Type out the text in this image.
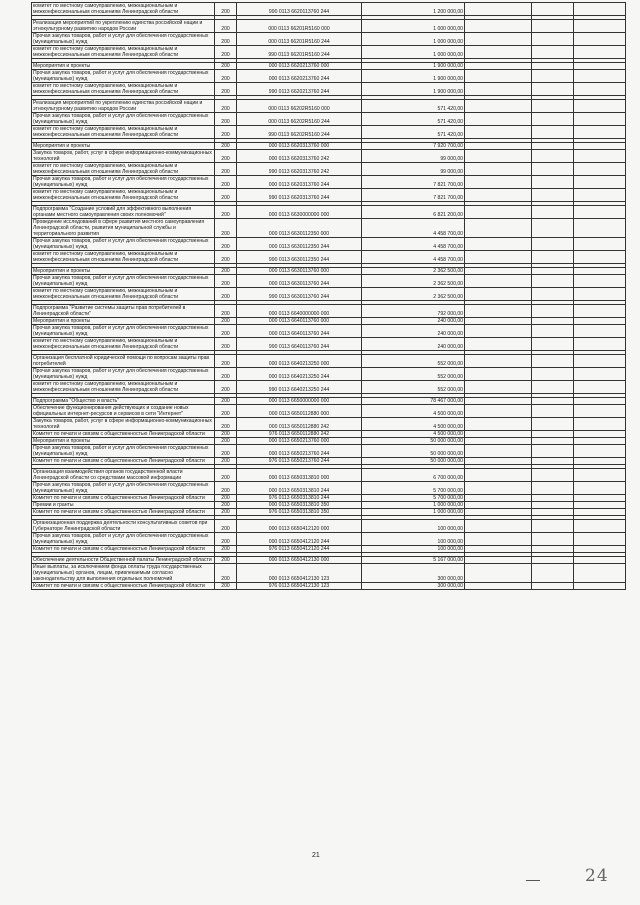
комитет по местному самоуправлению, межнациональным и межконфессиональным отношениям Ленинградской области	200	990 0113 6620113760 244	1 200 000,00			

Реализация мероприятий по укреплению единства российской нации и этнокультурному развитию народов России	200	000 0113 66201R5160 000	1 000 000,00			
Прочая закупка товаров, работ и услуг для обеспечения государственных (муниципальных) нужд	200	000 0113 66201R5160 244	1 000 000,00			
комитет по местному самоуправлению, межнациональным и межконфессиональным отношениям Ленинградской области	200	990 0113 66201R5160 244	1 000 000,00			

Мероприятия и проекты	200	000 0113 6620213760 000	1 900 000,00			
Прочая закупка товаров, работ и услуг для обеспечения государственных (муниципальных) нужд	200	000 0113 6620213760 244	1 900 000,00			
комитет по местному самоуправлению, межнациональным и межконфессиональным отношениям Ленинградской области	200	990 0113 6620213760 244	1 900 000,00			

Реализация мероприятий по укреплению единства российской нации и этнокультурному развитию народов России	200	000 0113 66202R5160 000	571 420,00			
Прочая закупка товаров, работ и услуг для обеспечения государственных (муниципальных) нужд	200	000 0113 66202R5160 244	571 420,00			
комитет по местному самоуправлению, межнациональным и межконфессиональным отношениям Ленинградской области	200	990 0113 66202R5160 244	571 420,00			

Мероприятия и проекты	200	000 0113 6620313760 000	7 920 700,00			
Закупка товаров, работ, услуг в сфере информационно-коммуникационных технологий	200	000 0113 6620313760 242	99 000,00			
комитет по местному самоуправлению, межнациональным и межконфессиональным отношениям Ленинградской области	200	990 0113 6620313760 242	99 000,00			
Прочая закупка товаров, работ и услуг для обеспечения государственных (муниципальных) нужд	200	000 0113 6620313760 244	7 821 700,00			
комитет по местному самоуправлению, межнациональным и межконфессиональным отношениям Ленинградской области	200	990 0113 6620313760 244	7 821 700,00			

Подпрограмма "Создание условий для эффективного выполнения органами местного самоуправления своих полномочий"	200	000 0113 6630000000 000	6 821 200,00			
Проведение исследований в сфере развития местного самоуправления Ленинградской области, развития муниципальной службы и территориального развития	200	000 0113 6630112350 000	4 458 700,00			
Прочая закупка товаров, работ и услуг для обеспечения государственных (муниципальных) нужд	200	000 0113 6630112350 244	4 458 700,00			
комитет по местному самоуправлению, межнациональным и межконфессиональным отношениям Ленинградской области	200	990 0113 6630112350 244	4 458 700,00			

Мероприятия и проекты	200	000 0113 6630113760 000	2 362 500,00			
Прочая закупка товаров, работ и услуг для обеспечения государственных (муниципальных) нужд	200	000 0113 6630113760 244	2 362 500,00			
комитет по местному самоуправлению, межнациональным и межконфессиональным отношениям Ленинградской области	200	990 0113 6630113760 244	2 362 500,00			

Подпрограмма "Развитие системы защиты прав потребителей в Ленинградской области"	200	000 0113 6640000000 000	792 000,00			
Мероприятия и проекты	200	000 0113 6640113760 000	240 000,00			
Прочая закупка товаров, работ и услуг для обеспечения государственных (муниципальных) нужд	200	000 0113 6640113760 244	240 000,00			
комитет по местному самоуправлению, межнациональным и межконфессиональным отношениям Ленинградской области	200	990 0113 6640113760 244	240 000,00			

Организация бесплатной юридической помощи по вопросам защиты прав потребителей	200	000 0113 6640213250 000	552 000,00			
Прочая закупка товаров, работ и услуг для обеспечения государственных (муниципальных) нужд	200	000 0113 6640213250 244	552 000,00			
комитет по местному самоуправлению, межнациональным и межконфессиональным отношениям Ленинградской области	200	990 0113 6640213250 244	552 000,00			

Подпрограмма "Общество и власть"	200	000 0113 6650000000 000	78 467 000,00			
Обеспечение функционирования действующих и создание новых официальных интернет-ресурсов и сервисов в сети "Интернет"	200	000 0113 6650112880 000	4 500 000,00			
Закупка товаров, работ, услуг в сфере информационно-коммуникационных технологий	200	000 0113 6650112880 242	4 500 000,00			
Комитет по печати и связям с общественностью Ленинградской области	200	976 0113 6650112880 242	4 500 000,00			
Мероприятия и проекты	200	000 0113 6650213760 000	50 000 000,00			
Прочая закупка товаров, работ и услуг для обеспечения государственных (муниципальных) нужд	200	000 0113 6650213760 244	50 000 000,00			
Комитет по печати и связям с общественностью Ленинградской области	200	976 0113 6650213760 244	50 000 000,00			

Организация взаимодействия органов государственной власти Ленинградской области со средствами массовой информации	200	000 0113 6650313810 000	6 700 000,00			
Прочая закупка товаров, работ и услуг для обеспечения государственных (муниципальных) нужд	200	000 0113 6650313810 244	5 700 000,00			
Комитет по печати и связям с общественностью Ленинградской области	200	976 0113 6650313810 244	5 700 000,00			
Премии и гранты	200	000 0113 6650313810 350	1 000 000,00			
Комитет по печати и связям с общественностью Ленинградской области	200	976 0113 6650313810 350	1 000 000,00			

Организационная поддержка деятельности консультативных советов при Губернаторе Ленинградской области	200	000 0113 6650412120 000	100 000,00			
Прочая закупка товаров, работ и услуг для обеспечения государственных (муниципальных) нужд	200	000 0113 6650412120 244	100 000,00			
Комитет по печати и связям с общественностью Ленинградской области	200	976 0113 6650412120 244	100 000,00			

Обеспечение деятельности Общественной палаты Ленинградской области	200	000 0113 6650412130 000	5 167 000,00			
Иные выплаты, за исключением фонда оплаты труда государственных (муниципальных) органов, лицам, привлекаемым согласно законодательству для выполнения отдельных полномочий	200	000 0113 6650412130 123	300 000,00			
Комитет по печати и связям с общественностью Ленинградской области	200	976 0113 6650412130 123	300 000,00			
21
24
